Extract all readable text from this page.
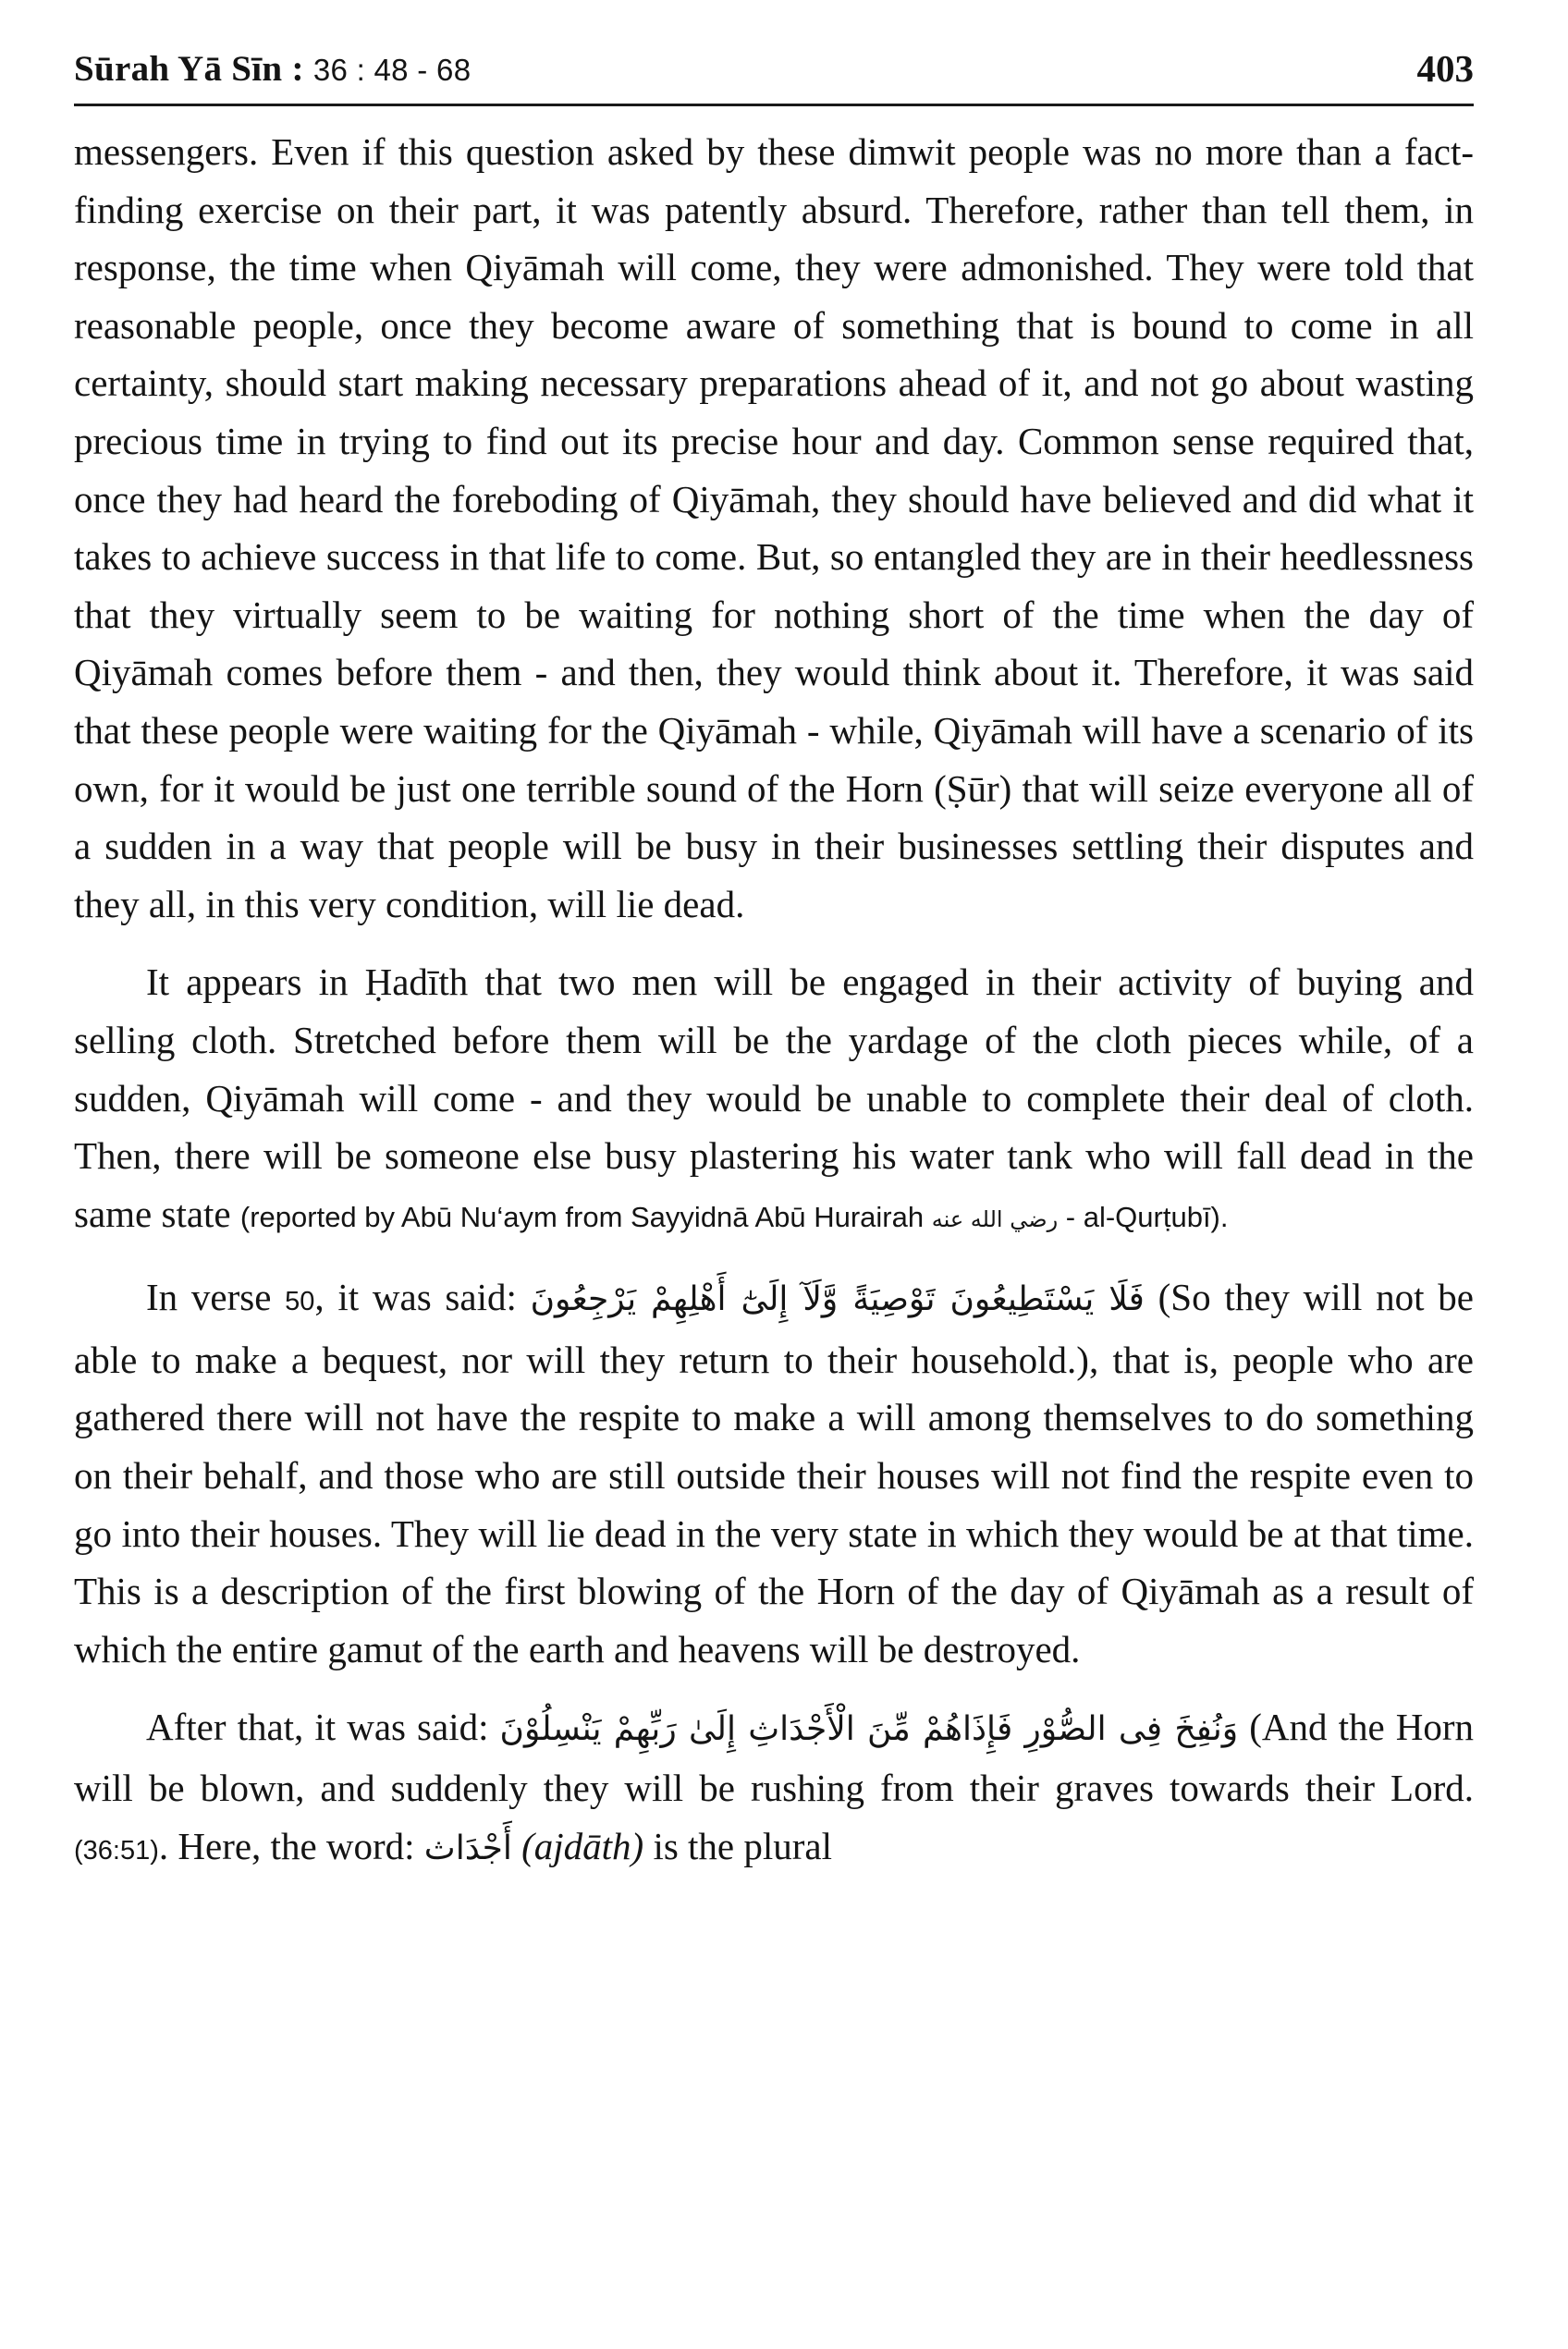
Sūrah Yā Sīn : 36 : 48 - 68	403

messengers. Even if this question asked by these dimwit people was no more than a fact-finding exercise on their part, it was patently absurd. Therefore, rather than tell them, in response, the time when Qiyāmah will come, they were admonished. They were told that reasonable people, once they become aware of something that is bound to come in all certainty, should start making necessary preparations ahead of it, and not go about wasting precious time in trying to find out its precise hour and day. Common sense required that, once they had heard the foreboding of Qiyāmah, they should have believed and did what it takes to achieve success in that life to come. But, so entangled they are in their heedlessness that they virtually seem to be waiting for nothing short of the time when the day of Qiyāmah comes before them - and then, they would think about it. Therefore, it was said that these people were waiting for the Qiyāmah - while, Qiyāmah will have a scenario of its own, for it would be just one terrible sound of the Horn (Ṣūr) that will seize everyone all of a sudden in a way that people will be busy in their businesses settling their disputes and they all, in this very condition, will lie dead.

It appears in Ḥadīth that two men will be engaged in their activity of buying and selling cloth. Stretched before them will be the yardage of the cloth pieces while, of a sudden, Qiyāmah will come - and they would be unable to complete their deal of cloth. Then, there will be someone else busy plastering his water tank who will fall dead in the same state (reported by Abū Nu‘aym from Sayyidnā Abū Hurairah رضي الله عنه - al-Qurṭubī).

In verse 50, it was said: فَلَا يَسْتَطِيعُونَ تَوْصِيَةً وَّلَآ إِلَىٰٓ أَهْلِهِمْ يَرْجِعُونَ (So they will not be able to make a bequest, nor will they return to their household.), that is, people who are gathered there will not have the respite to make a will among themselves to do something on their behalf, and those who are still outside their houses will not find the respite even to go into their houses. They will lie dead in the very state in which they would be at that time. This is a description of the first blowing of the Horn of the day of Qiyāmah as a result of which the entire gamut of the earth and heavens will be destroyed.

After that, it was said: وَنُفِخَ فِى الصُّوْرِ فَإِذَاهُمْ مِّنَ الْأَجْدَاثِ إِلَىٰ رَبِّهِمْ يَنْسِلُوْنَ (And the Horn will be blown, and suddenly they will be rushing from their graves towards their Lord. (36:51). Here, the word: أَجْدَاث (ajdāth) is the plural
